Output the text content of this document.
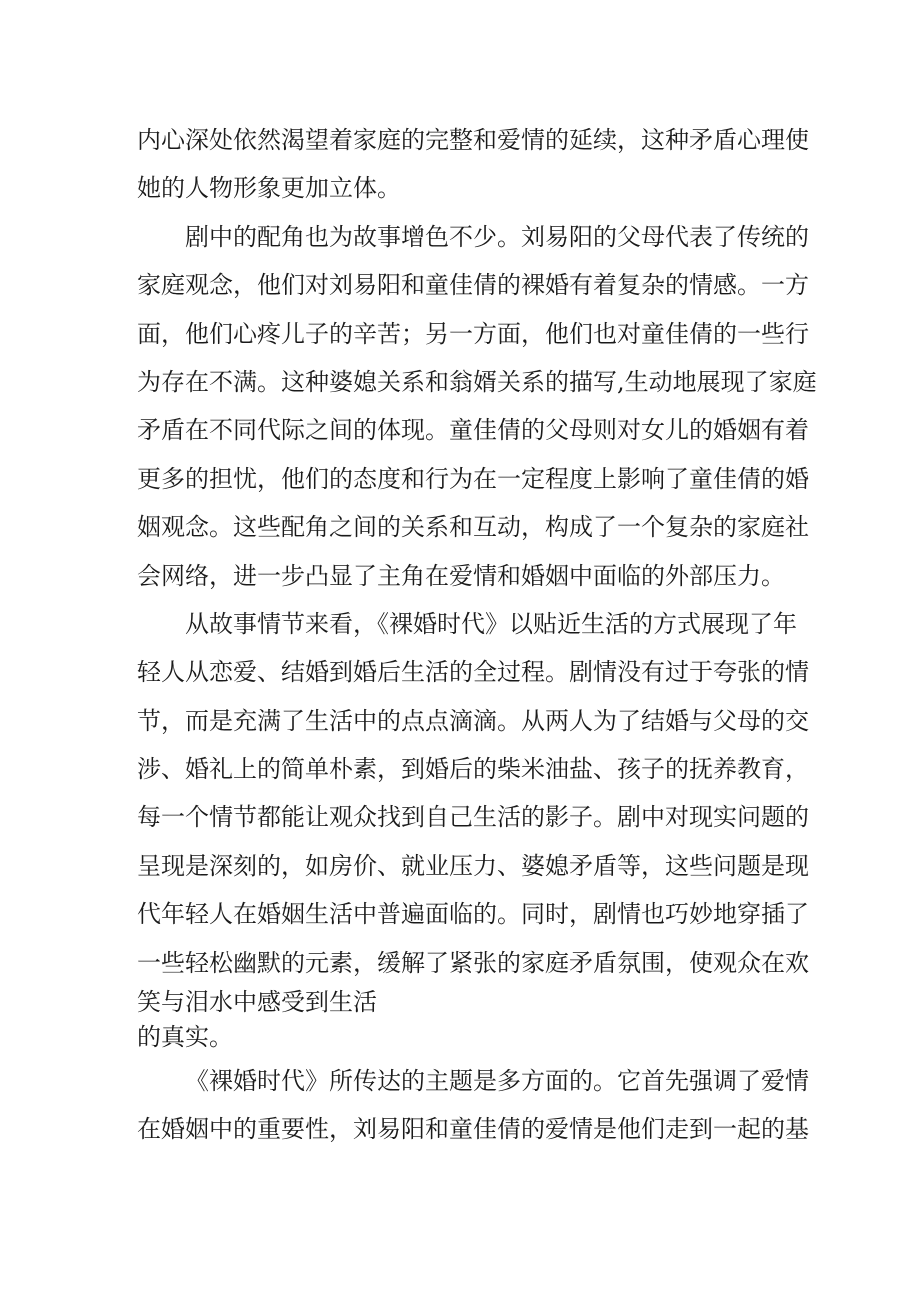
内心深处依然渴望着家庭的完整和爱情的延续，这种矛盾心理使
她的人物形象更加立体。
剧中的配角也为故事增色不少。刘易阳的父母代表了传统的
家庭观念，他们对刘易阳和童佳倩的裸婚有着复杂的情感。一方
面，他们心疼儿子的辛苦；另一方面，他们也对童佳倩的一些行
为存在不满。这种婆媳关系和翁婿关系的描写,生动地展现了家庭
矛盾在不同代际之间的体现。童佳倩的父母则对女儿的婚姻有着
更多的担忧，他们的态度和行为在一定程度上影响了童佳倩的婚
姻观念。这些配角之间的关系和互动，构成了一个复杂的家庭社
会网络，进一步凸显了主角在爱情和婚姻中面临的外部压力。
从故事情节来看，《裸婚时代》以贴近生活的方式展现了年
轻人从恋爱、结婚到婚后生活的全过程。剧情没有过于夸张的情
节，而是充满了生活中的点点滴滴。从两人为了结婚与父母的交
涉、婚礼上的简单朴素，到婚后的柴米油盐、孩子的抚养教育，
每一个情节都能让观众找到自己生活的影子。剧中对现实问题的
呈现是深刻的，如房价、就业压力、婆媳矛盾等，这些问题是现
代年轻人在婚姻生活中普遍面临的。同时，剧情也巧妙地穿插了
一些轻松幽默的元素，缓解了紧张的家庭矛盾氛围，使观众在欢
笑与泪水中感受到生活
的真实。
《裸婚时代》所传达的主题是多方面的。它首先强调了爱情
在婚姻中的重要性，刘易阳和童佳倩的爱情是他们走到一起的基
